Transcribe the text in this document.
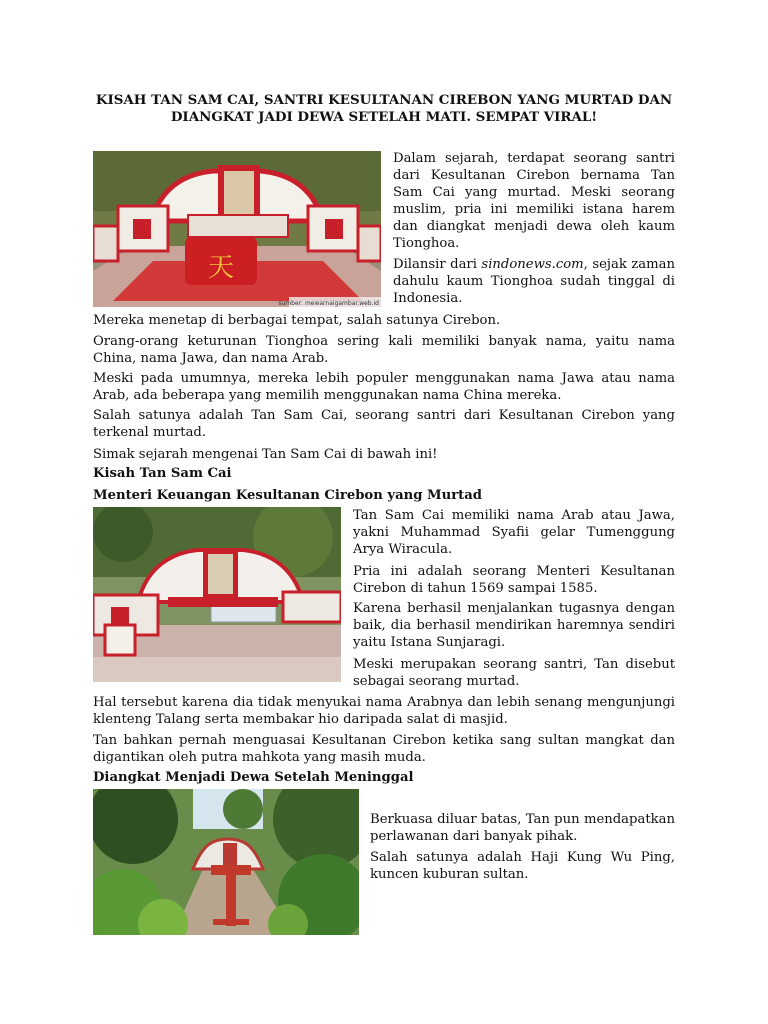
KISAH TAN SAM CAI, SANTRI KESULTANAN CIREBON YANG MURTAD DAN
DIANGKAT JADI DEWA SETELAH MATI. SEMPAT VIRAL!
天
sumber: mewarnaigambar.web.id

Dalam sejarah, terdapat seorang santri dari Kesultanan Cirebon bernama Tan Sam Cai yang murtad. Meski seorang muslim, pria ini memiliki istana harem dan diangkat menjadi dewa oleh kaum Tionghoa.

Dilansir dari sindonews.com, sejak zaman dahulu kaum Tionghoa sudah tinggal di Indonesia.

Mereka menetap di berbagai tempat, salah satunya Cirebon.

Orang-orang keturunan Tionghoa sering kali memiliki banyak nama, yaitu nama China, nama Jawa, dan nama Arab.

Meski pada umumnya, mereka lebih populer menggunakan nama Jawa atau nama Arab, ada beberapa yang memilih menggunakan nama China mereka.

Salah satunya adalah Tan Sam Cai, seorang santri dari Kesultanan Cirebon yang terkenal murtad.

Simak sejarah mengenai Tan Sam Cai di bawah ini!

Kisah Tan Sam Cai

Menteri Keuangan Kesultanan Cirebon yang Murtad

Tan Sam Cai memiliki nama Arab atau Jawa, yakni Muhammad Syafii gelar Tumenggung Arya Wiracula.

Pria ini adalah seorang Menteri Kesultanan Cirebon di tahun 1569 sampai 1585.

Karena berhasil menjalankan tugasnya dengan baik, dia berhasil mendirikan haremnya sendiri yaitu Istana Sunjaragi.

Meski merupakan seorang santri, Tan disebut sebagai seorang murtad.

Hal tersebut karena dia tidak menyukai nama Arabnya dan lebih senang mengunjungi klenteng Talang serta membakar hio daripada salat di masjid.

Tan bahkan pernah menguasai Kesultanan Cirebon ketika sang sultan mangkat dan digantikan oleh putra mahkota yang masih muda.

Diangkat Menjadi Dewa Setelah Meninggal

Berkuasa diluar batas, Tan pun mendapatkan perlawanan dari banyak pihak.

Salah satunya adalah Haji Kung Wu Ping, kuncen kuburan sultan.
